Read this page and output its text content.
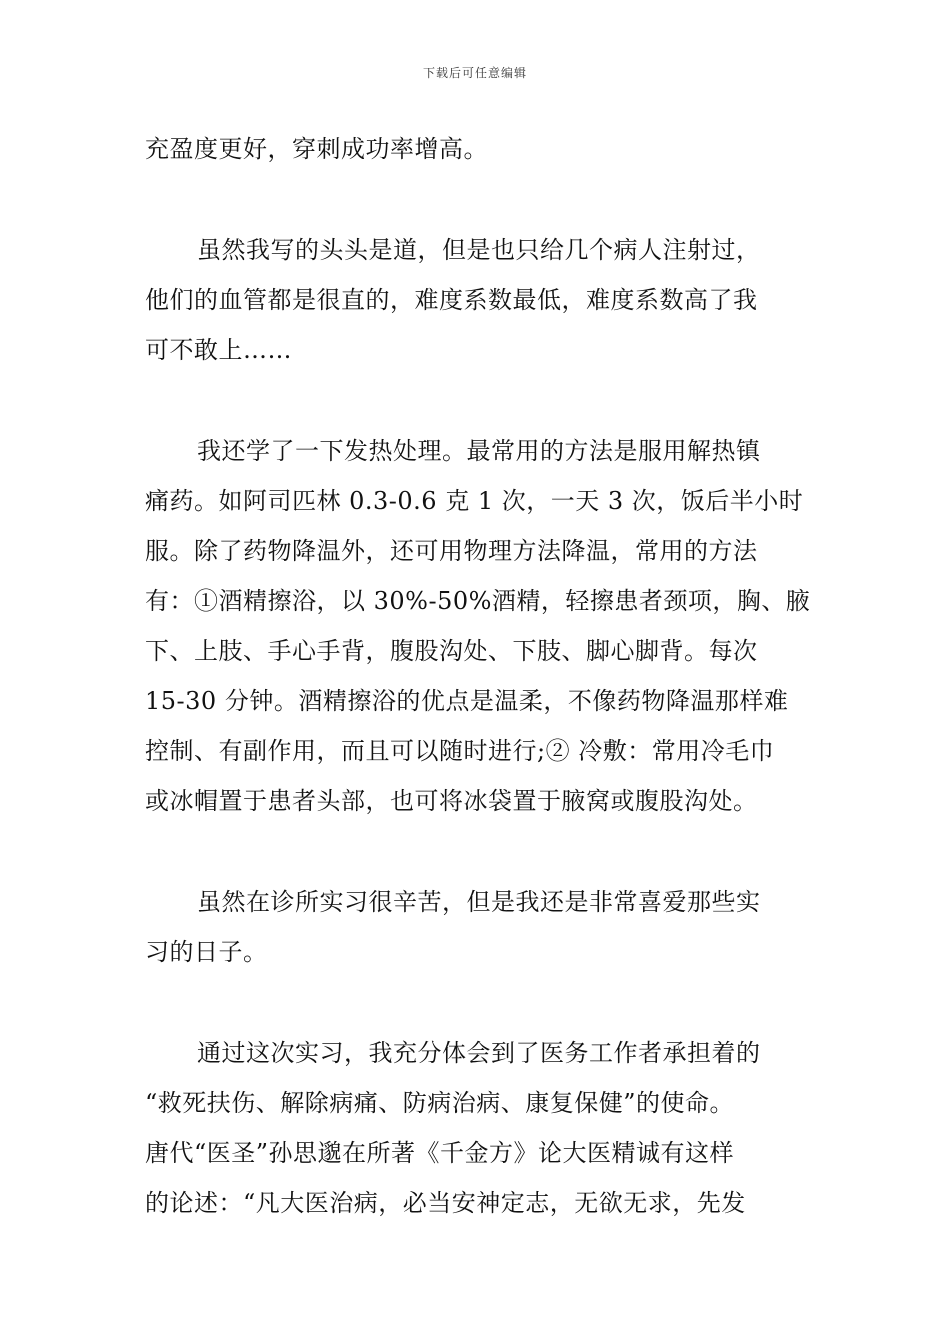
下载后可任意编辑
充盈度更好，穿刺成功率增高。
虽然我写的头头是道，但是也只给几个病人注射过，
他们的血管都是很直的，难度系数最低，难度系数高了我
可不敢上……
我还学了一下发热处理。最常用的方法是服用解热镇
痛药。如阿司匹林 0.3-0.6 克 1 次，一天 3 次，饭后半小时
服。除了药物降温外，还可用物理方法降温，常用的方法
有：①酒精擦浴，以 30%-50%酒精，轻擦患者颈项，胸、腋
下、上肢、手心手背，腹股沟处、下肢、脚心脚背。每次
15-30 分钟。酒精擦浴的优点是温柔，不像药物降温那样难
控制、有副作用，而且可以随时进行;② 冷敷：常用冷毛巾
或冰帽置于患者头部，也可将冰袋置于腋窝或腹股沟处。
虽然在诊所实习很辛苦，但是我还是非常喜爱那些实
习的日子。
通过这次实习，我充分体会到了医务工作者承担着的
“救死扶伤、解除病痛、防病治病、康复保健”的使命。
唐代“医圣”孙思邈在所著《千金方》论大医精诚有这样
的论述：“凡大医治病，必当安神定志，无欲无求，先发
